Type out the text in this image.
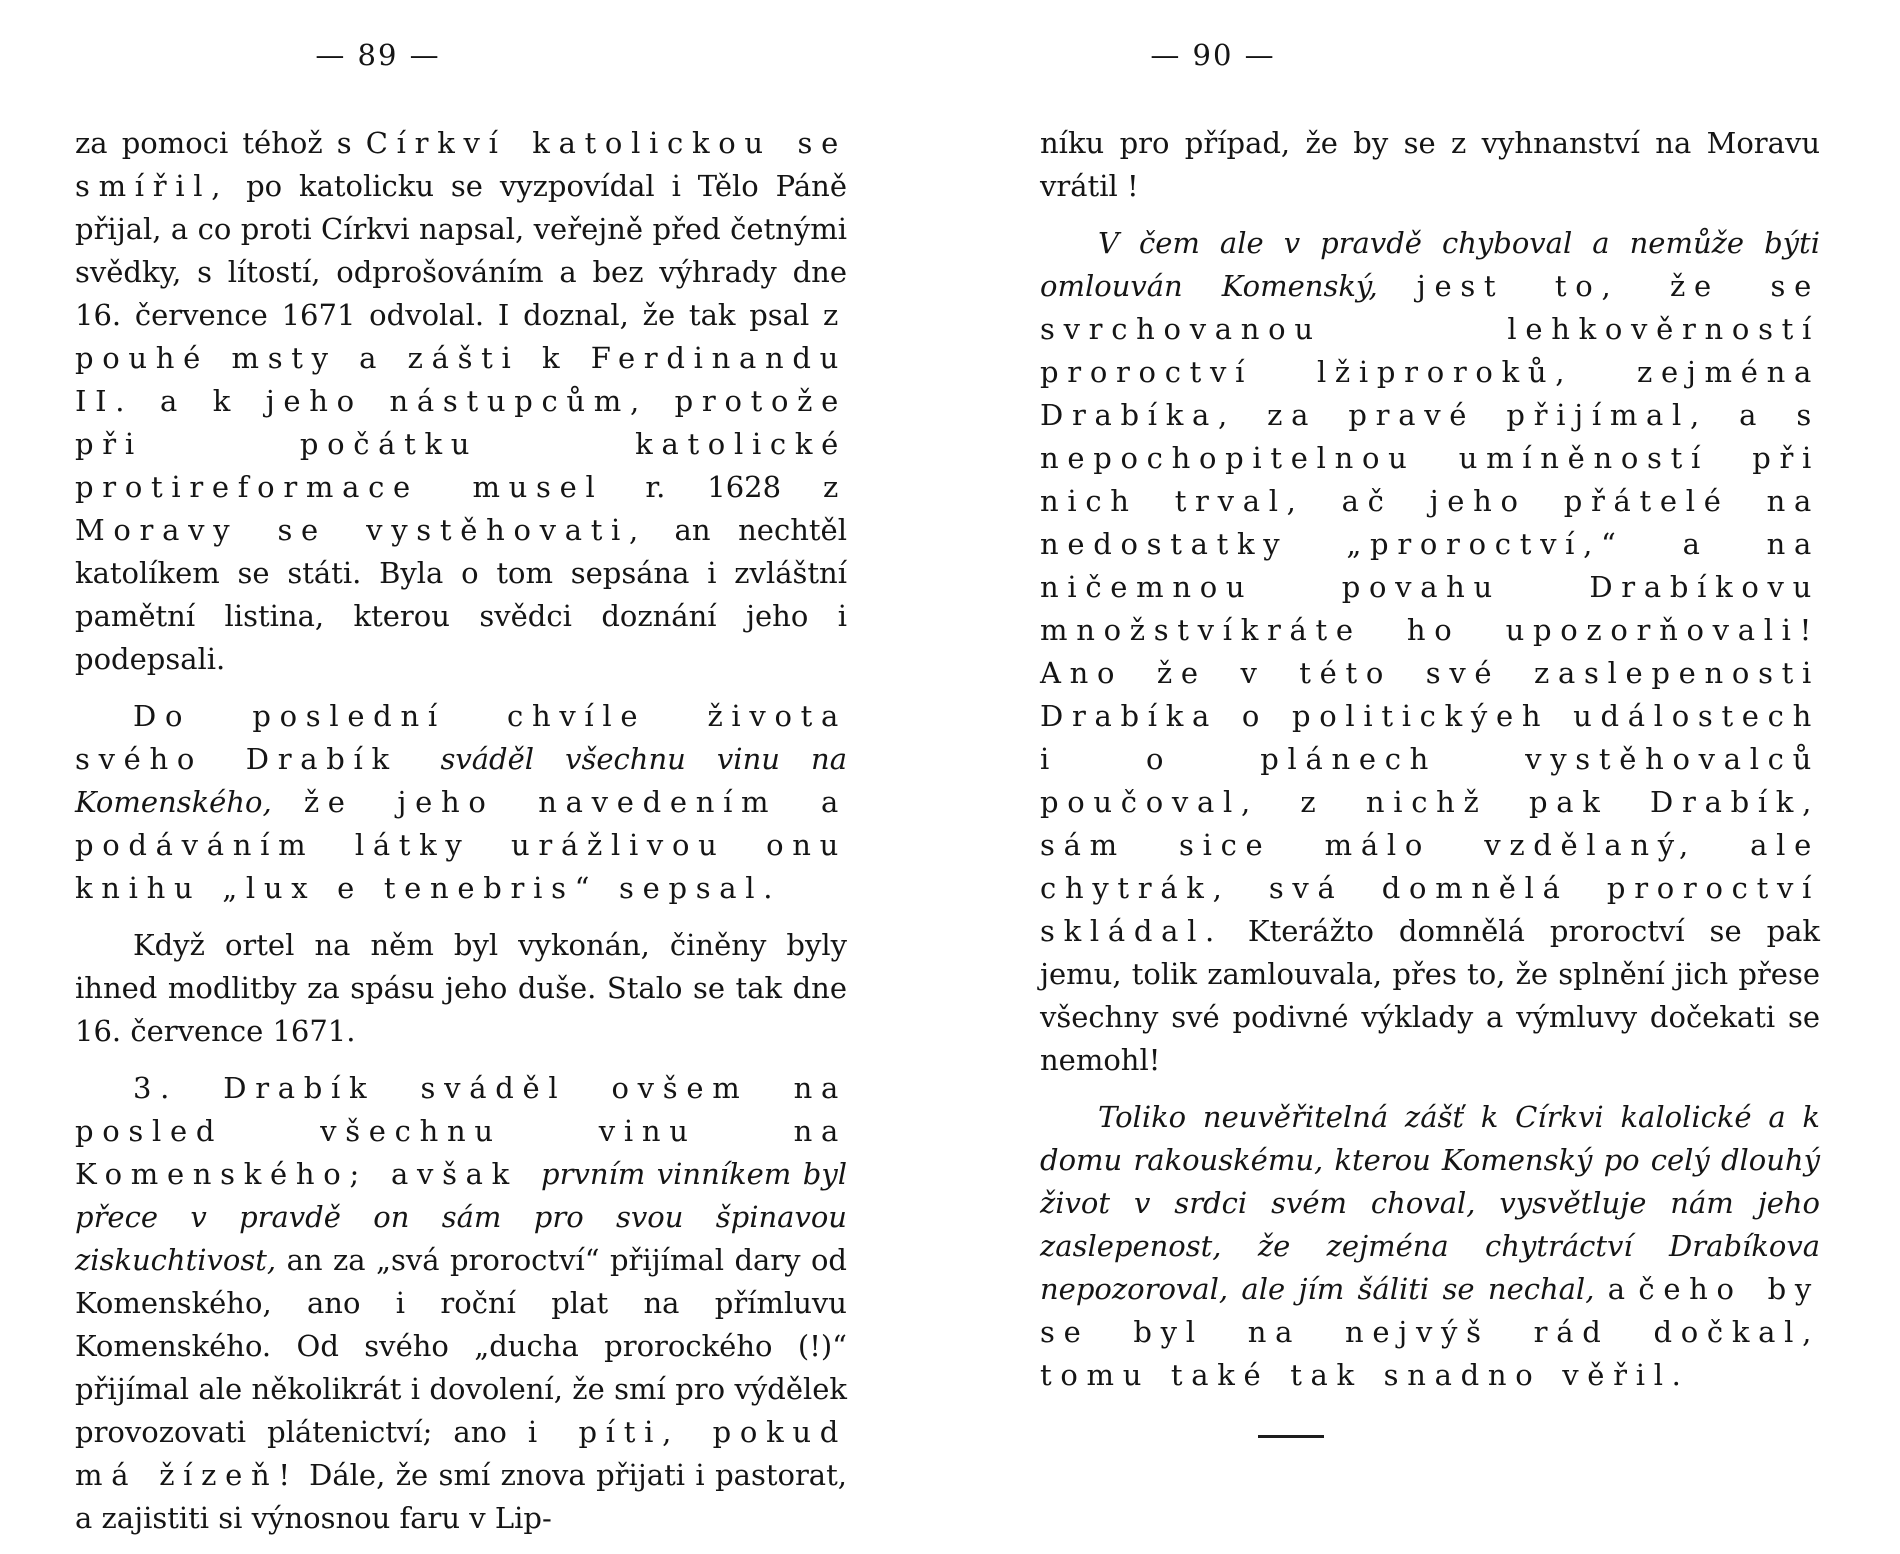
— 89 —	— 90 —

za pomoci téhož s Církví katolickou se smířil, po katolicku se vyzpovídal i Tělo Páně přijal, a co proti Církvi napsal, veřejně před četnými svědky, s lítostí, odprošováním a bez výhrady dne 16. července 1671 odvolal. I doznal, že tak psal z pouhé msty a zášti k Ferdinandu II. a k jeho nástupcům, protože při počátku katolické protireformace musel r. 1628 z Moravy se vystěhovati, an nechtěl katolíkem se státi. Byla o tom sepsána i zvláštní pamětní listina, kterou svědci doznání jeho i podepsali.

Do poslední chvíle života svého Drabík sváděl všechnu vinu na Komenského, že jeho navedením a podáváním látky urážlivou onu knihu „lux e tenebris“ sepsal.

Když ortel na něm byl vykonán, činěny byly ihned modlitby za spásu jeho duše. Stalo se tak dne 16. července 1671.

3. Drabík sváděl ovšem na posled všechnu vinu na Komenského; avšak prvním vinníkem byl přece v pravdě on sám pro svou špinavou ziskuchtivost, an za „svá proroctví“ přijímal dary od Komenského, ano i roční plat na přímluvu Komenského. Od svého „ducha prorockého (!)“ přijímal ale několikrát i dovolení, že smí pro výdělek provozovati plátenictví; ano i píti, pokud má žízeň! Dále, že smí znova přijati i pastorat, a zajistiti si výnosnou faru v Lip-

níku pro případ, že by se z vyhnanství na Moravu vrátil !

V čem ale v pravdě chyboval a nemůže býti omlouván Komenský, jest to, že se svrchovanou lehkověrností proroctví lžiproroků, zejména Drabíka, za pravé přijímal, a s nepochopitelnou umíněností při nich trval, ač jeho přátelé na nedostatky „proroctví,“ a na ničemnou povahu Drabíkovu množstvíkráte ho upozorňovali! Ano že v této své zaslepenosti Drabíka o politickýeh událostech i o plánech vystěhovalců poučoval, z nichž pak Drabík, sám sice málo vzdělaný, ale chytrák, svá domnělá proroctví skládal. Kterážto domnělá proroctví se pak jemu, tolik zamlouvala, přes to, že splnění jich přese všechny své podivné výklady a výmluvy dočekati se nemohl!

Toliko neuvěřitelná zášť k Církvi kalolické a k domu rakouskému, kterou Komenský po celý dlouhý život v srdci svém choval, vysvětluje nám jeho zaslepenost, že zejména chytráctví Drabíkova nepozoroval, ale jím šáliti se nechal, a čeho by se byl na nejvýš rád dočkal, tomu také tak snadno věřil.
